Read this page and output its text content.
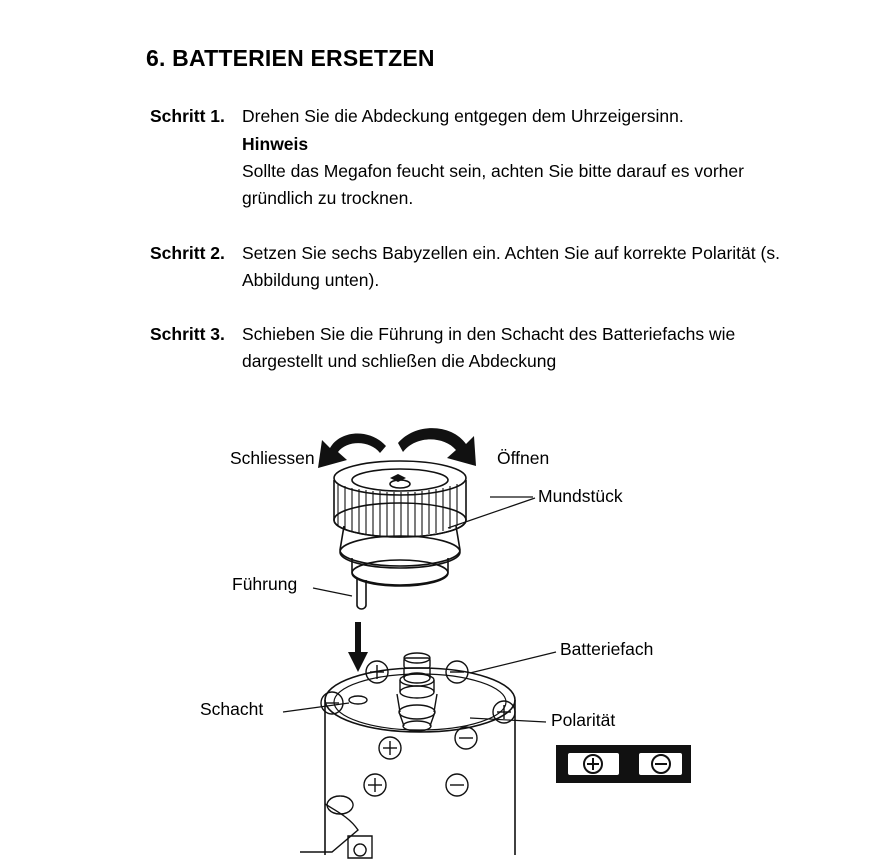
6. BATTERIEN ERSETZEN
Schritt 1. Drehen Sie die Abdeckung entgegen dem Uhrzeigersinn.
Hinweis
Sollte das Megafon feucht sein, achten Sie bitte darauf es vorher gründlich zu trocknen.
Schritt 2. Setzen Sie sechs Babyzellen ein. Achten Sie auf korrekte Polarität (s. Abbildung unten).
Schritt 3. Schieben Sie die Führung in den Schacht des Batteriefachs wie dargestellt und schließen die Abdeckung
Schliessen	Öffnen
Mundstück
Führung
Batteriefach
Schacht
Polarität
